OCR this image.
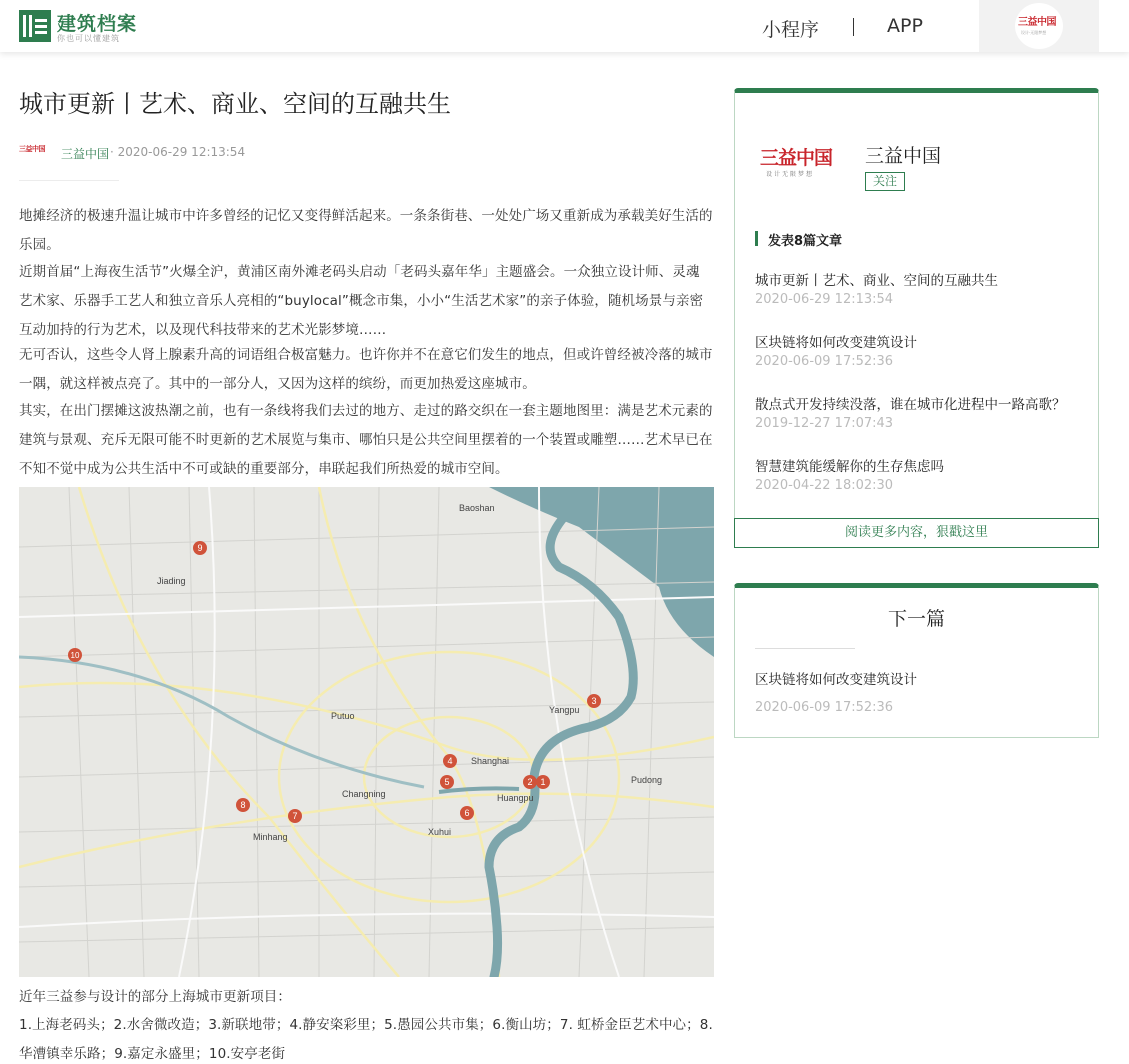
建筑档案
你也可以懂建筑	小程序	APP	三益中国
设计·无限梦想
城市更新丨艺术、商业、空间的互融共生
三益中国 三益中国 · 2020-06-29 12:13:54

地摊经济的极速升温让城市中许多曾经的记忆又变得鲜活起来。一条条街巷、一处处广场又重新成为承载美好生活的乐园。

近期首届“上海夜生活节”火爆全沪，黄浦区南外滩老码头启动「老码头嘉年华」主题盛会。一众独立设计师、灵魂艺术家、乐器手工艺人和独立音乐人亮相的“buylocal”概念市集，小小“生活艺术家”的亲子体验，随机场景与亲密互动加持的行为艺术，以及现代科技带来的艺术光影梦境……

无可否认，这些令人肾上腺素升高的词语组合极富魅力。也许你并不在意它们发生的地点，但或许曾经被冷落的城市一隅，就这样被点亮了。其中的一部分人，又因为这样的缤纷，而更加热爱这座城市。

其实，在出门摆摊这波热潮之前，也有一条线将我们去过的地方、走过的路交织在一套主题地图里：满是艺术元素的建筑与景观、充斥无限可能不时更新的艺术展览与集市、哪怕只是公共空间里摆着的一个装置或雕塑……艺术早已在不知不觉中成为公共生活中不可或缺的重要部分，串联起我们所热爱的城市空间。

Baoshan
Jiading
Putuo
Yangpu
Shanghai
Changning	Huangpu
Pudong
Minhang	Xuhui
1
2
3
4
5
6
7
8
9
10

近年三益参与设计的部分上海城市更新项目：

1.上海老码头；2.水舍微改造；3.新联地带；4.静安栥彩里；5.愚园公共市集；6.衡山坊；7. 虹桥金臣艺术中心；8.华漕镇幸乐路；9.嘉定永盛里；10.安亭老街

三益中国
设计无限梦想
三益中国
关注
发表8篇文章
城市更新丨艺术、商业、空间的互融共生
2020-06-29 12:13:54
区块链将如何改变建筑设计
2020-06-09 17:52:36
散点式开发持续没落，谁在城市化进程中一路高歌？
2019-12-27 17:07:43
智慧建筑能缓解你的生存焦虑吗
2020-04-22 18:02:30
阅读更多内容，狠戳这里
下一篇
区块链将如何改变建筑设计
2020-06-09 17:52:36
